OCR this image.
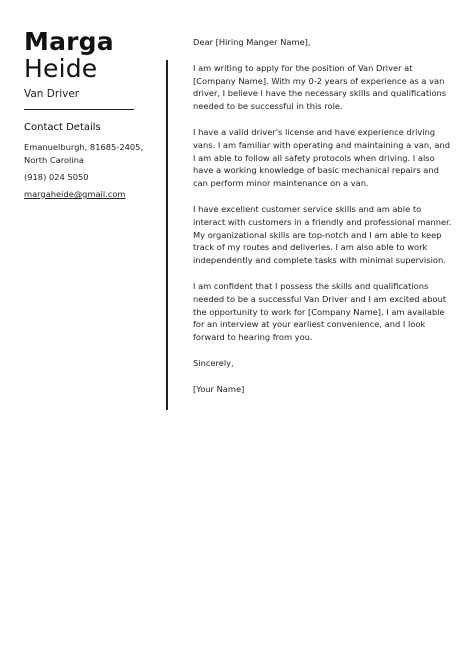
Marga
Heide
Van Driver
Contact Details
Emanuelburgh, 81685-2405,
North Carolina
(918) 024 5050
margaheide@gmail.com

Dear [Hiring Manger Name],

I am writing to apply for the position of Van Driver at [Company Name]. With my 0-2 years of experience as a van driver, I believe I have the necessary skills and qualifications needed to be successful in this role.

I have a valid driver's license and have experience driving vans. I am familiar with operating and maintaining a van, and I am able to follow all safety protocols when driving. I also have a working knowledge of basic mechanical repairs and can perform minor maintenance on a van.

I have excellent customer service skills and am able to interact with customers in a friendly and professional manner. My organizational skills are top-notch and I am able to keep track of my routes and deliveries. I am also able to work independently and complete tasks with minimal supervision.

I am confident that I possess the skills and qualifications needed to be a successful Van Driver and I am excited about the opportunity to work for [Company Name]. I am available for an interview at your earliest convenience, and I look forward to hearing from you.

Sincerely,

[Your Name]
